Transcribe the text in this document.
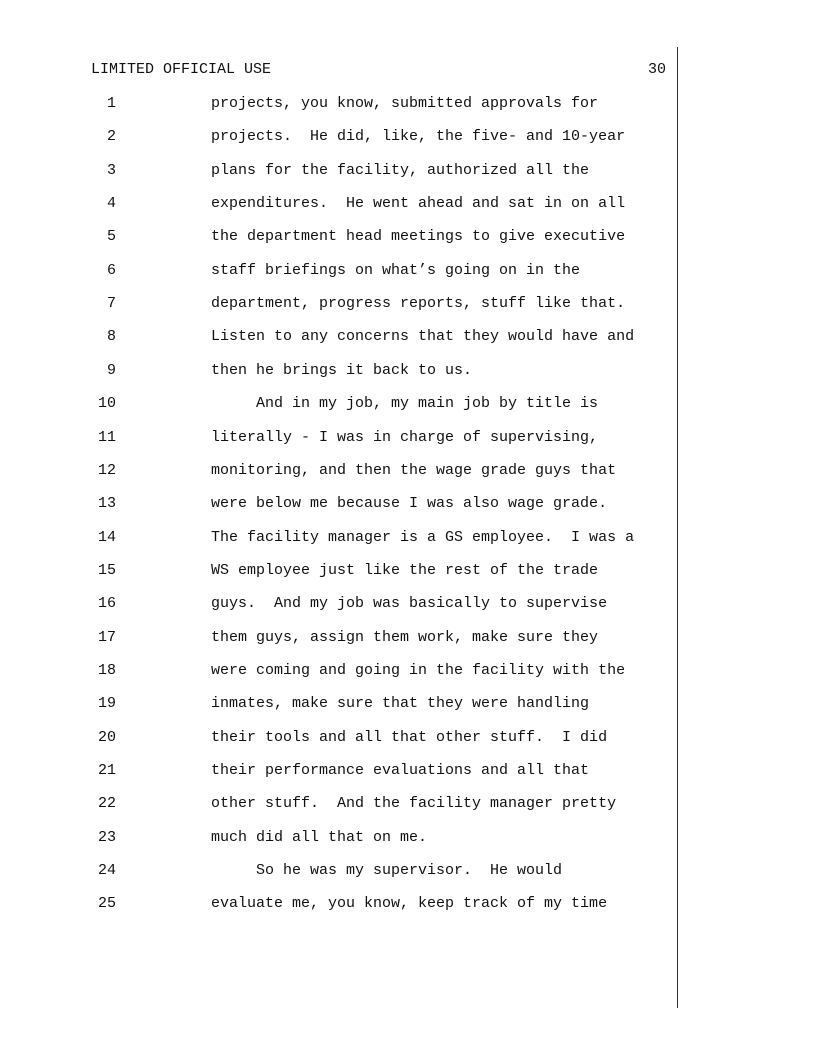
LIMITED OFFICIAL USE	30
1	projects, you know, submitted approvals for
2	projects.  He did, like, the five- and 10-year
3	plans for the facility, authorized all the
4	expenditures.  He went ahead and sat in on all
5	the department head meetings to give executive
6	staff briefings on what’s going on in the
7	department, progress reports, stuff like that.
8	Listen to any concerns that they would have and
9	then he brings it back to us.
10	And in my job, my main job by title is
11	literally - I was in charge of supervising,
12	monitoring, and then the wage grade guys that
13	were below me because I was also wage grade.
14	The facility manager is a GS employee.  I was a
15	WS employee just like the rest of the trade
16	guys.  And my job was basically to supervise
17	them guys, assign them work, make sure they
18	were coming and going in the facility with the
19	inmates, make sure that they were handling
20	their tools and all that other stuff.  I did
21	their performance evaluations and all that
22	other stuff.  And the facility manager pretty
23	much did all that on me.
24	So he was my supervisor.  He would
25	evaluate me, you know, keep track of my time
